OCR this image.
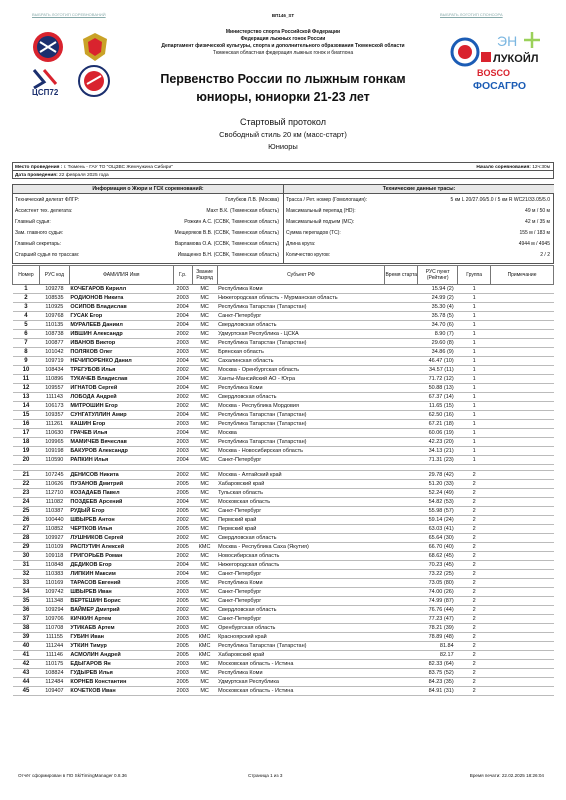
ВЫБРАТЬ ЛОГОТИП СОРЕВНОВАНИЙ	ВЫБРАТЬ ЛОГОТИП СПОНСОРА
ВП146_ST
Министерство спорта Российской Федерации
Федерация лыжных гонок России
Департамент физической культуры, спорта и дополнительного образования Тюменской области
Тюменская областная федерация лыжных гонок и биатлона
ЦСП72
ЭН
ЛУКОЙЛ
BOSCO
ФОСАГРО
Первенство России по лыжным гонкам
юниоры, юниорки 21-23 лет
Стартовый протокол
Свободный стиль 20 км (масс-старт)
Юниоры
Место проведения : г. Тюмень - ГАУ ТО "ОЦЗВС Жемчужина Сибири"	Начало соревнования: 12ч:30м
Дата проведения: 22 февраля 2025 года
Информация о Жюри и ГСК соревнований:	Технические данные трасы:
Технический делегат ФЛГР:	Голубков Л.В. (Москва)
Ассистент тех. делегата:	Махт В.К. (Тюменская область)
Главный судья:	Рожкин А.С. (ССВК, Тюменская область)
Зам. главного судьи:	Мещеряков В.В. (ССВК, Тюменская область)
Главный секретарь:	Варламова О.А. (ССВК, Тюменская область)
Старший судья по трассам:	Иващенко В.Н. (ССВК, Тюменская область)
Трасса / Рет. номер (Гомологация):	5 км L 20/27.06/5.0 / 5 км R WC21/33.05/5.0
Максимальный перепад (HD):	49 м / 50 м
Максимальный подъем (MC):	42 м / 35 м
Сумма перепадов (TC):	155 м / 183 м
Длина круга:	4944 м / 4945
Количество кругов:	2 / 2
Номер	РУС код	ФАМИЛИЯ Имя	Г.р.	Звание Разряд	Субъект РФ	Время старта	РУС пункт (Рейтинг)	Группа	Примечание
1	109278	КОЧЕГАРОВ Кирилл	2003	МС	Республика Коми		15.94 (2)	1	
2	108535	РОДИОНОВ Никита	2003	МС	Нижегородская область - Мурманская область		24.99 (2)	1	
3	110925	ОСИПОВ Владислав	2004	МС	Республика Татарстан (Татарстан)		35.30 (4)	1	
4	109768	ГУСАК Егор	2004	МС	Санкт-Петербург		35.78 (5)	1	
5	110135	МУРАЛЕЕВ Даниил	2004	МС	Свердловская область		34.70 (6)	1	
6	108738	ИВШИН Александр	2002	МС	Удмуртская Республика - ЦСКА		8.90 (7)	1	
7	100877	ИВАНОВ Виктор	2003	МС	Республика Татарстан (Татарстан)		29.60 (8)	1	
8	101042	ПОЛЯКОВ Олег	2003	МС	Брянская область		34.86 (9)	1	
9	109719	НЕЧИПОРЕНКО Данил	2004	МС	Сахалинская область		46.47 (10)	1	
10	108434	ТРЕГУБОВ Илья	2002	МС	Москва - Оренбургская область		34.57 (11)	1	
11	110896	ТУКАЧЕВ Владислав	2004	МС	Ханты-Мансийский АО - Югра		71.72 (12)	1	
12	109557	ИГНАТОВ Сергей	2004	МС	Республика Коми		50.88 (13)	1	
13	111143	ЛОБОДА Андрей	2002	МС	Свердловская область		67.37 (14)	1	
14	106173	МИТРОШИН Егор	2002	МС	Москва - Республика Мордовия		11.65 (15)	1	
15	109357	СУНГАТУЛЛИН Амир	2004	МС	Республика Татарстан (Татарстан)		62.50 (16)	1	
16	111261	КАШИН Егор	2003	МС	Республика Татарстан (Татарстан)		67.21 (18)	1	
17	110630	ГРАЧЕВ Илья	2004	МС	Москва		60.06 (19)	1	
18	109965	МАМИЧЕВ Вячеслав	2003	МС	Республика Татарстан (Татарстан)		42.23 (20)	1	
19	109198	БАКУРОВ Александр	2003	МС	Москва - Новосибирская область		34.13 (21)	1	
20	110590	РАПКИН Илья	2004	МС	Санкт-Петербург		71.31 (23)	1	

21	107245	ДЕНИСОВ Никита	2002	МС	Москва - Алтайский край		29.78 (42)	2	
22	110626	ПУЗАНОВ Дмитрий	2005	МС	Хабаровский край		51.20 (33)	2	
23	112710	КОЗАДАЕВ Павел	2005	МС	Тульская область		52.24 (49)	2	
24	111082	ПОЗДЕЕВ Арсений	2004	МС	Московская область		54.82 (53)	2	
25	110387	РУДЫЙ Егор	2005	МС	Санкт-Петербург		55.98 (57)	2	
26	100440	ШВЫРЕВ Антон	2002	МС	Пермский край		59.14 (24)	2	
27	110852	ЧЕРТКОВ Илья	2005	МС	Пермский край		63.03 (41)	2	
28	109927	ЛУШНИКОВ Сергей	2002	МС	Свердловская область		65.64 (30)	2	
29	110109	РАСПУТИН Алексей	2005	КМС	Москва - Республика Саха (Якутия)		66.70 (40)	2	
30	109118	ГРИГОРЬЕВ Роман	2002	МС	Новосибирская область		68.62 (45)	2	
31	110848	ДЕДИКОВ Егор	2004	МС	Нижегородская область		70.23 (45)	2	
32	110383	ЛИПКИН Максим	2004	МС	Санкт-Петербург		73.22 (25)	2	
33	110169	ТАРАСОВ Евгений	2005	МС	Республика Коми		73.05 (80)	2	
34	109742	ШВЫРЕВ Иван	2003	МС	Санкт-Петербург		74.00 (26)	2	
35	111348	ВЕРТЕШИН Борис	2005	МС	Санкт-Петербург		74.99 (87)	2	
36	109294	ВАЙМЕР Дмитрий	2002	МС	Свердловская область		76.76 (44)	2	
37	109706	КИЧКИН Артем	2003	МС	Санкт-Петербург		77.23 (47)	2	
38	110708	УТИКАЕВ Артем	2003	МС	Оренбургская область		78.21 (39)	2	
39	111155	ГУБИН Иван	2005	КМС	Красноярский край		78.89 (48)	2	
40	111244	УТКИН Тимур	2005	КМС	Республика Татарстан (Татарстан)		81.84	2	
41	111146	АСМОЛИН Андрей	2005	КМС	Хабаровский край		82.17	2	
42	110175	ЕДЫГАРОВ Ян	2003	МС	Московская область - Истина		82.33 (64)	2	
43	108824	ГУДЫРЕВ Илья	2003	МС	Республика Коми		83.75 (52)	2	
44	112484	КОРНЕВ Константин	2005	МС	Удмуртская Республика		84.23 (35)	2	
45	109407	КОЧЕТКОВ Иван	2003	МС	Московская область - Истина		84.91 (31)	2	
Отчёт сформирован в ПО SkiTimingManager 0.8.36	Страница 1 из 3	Время печати: 22.02.2025 18:26:04
